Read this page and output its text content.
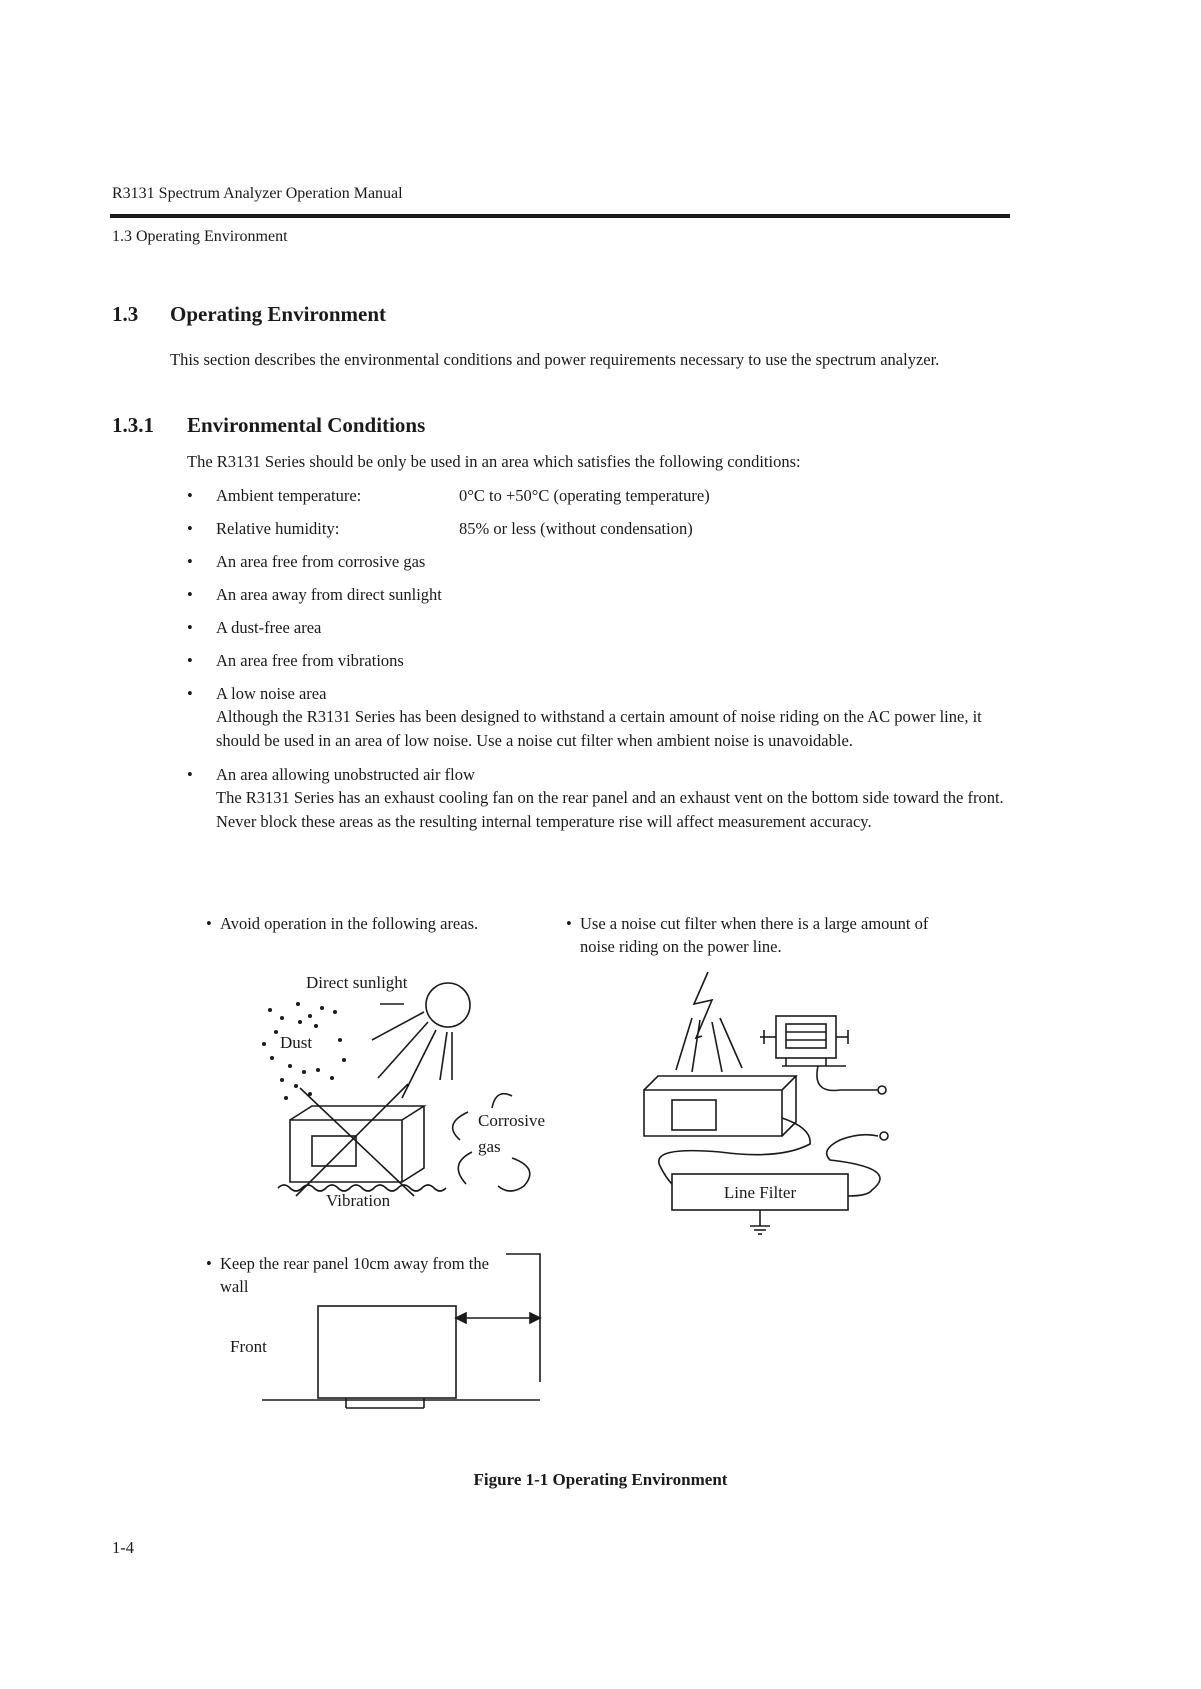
R3131 Spectrum Analyzer Operation Manual
1.3 Operating Environment
1.3 Operating Environment
This section describes the environmental conditions and power requirements necessary to use the spectrum analyzer.
1.3.1 Environmental Conditions
The R3131 Series should be only be used in an area which satisfies the following conditions:
• Ambient temperature:	0°C to +50°C (operating temperature)
• Relative humidity:	85% or less (without condensation)
• An area free from corrosive gas
• An area away from direct sunlight
• A dust-free area
• An area free from vibrations
• A low noise area
Although the R3131 Series has been designed to withstand a certain amount of noise riding on the AC power line, it should be used in an area of low noise. Use a noise cut filter when ambient noise is unavoidable.
• An area allowing unobstructed air flow
The R3131 Series has an exhaust cooling fan on the rear panel and an exhaust vent on the bottom side toward the front. Never block these areas as the resulting internal temperature rise will affect measurement accuracy.
• Avoid operation in the following areas.	• Use a noise cut filter when there is a large amount of noise riding on the power line.
• Keep the rear panel 10cm away from the wall
Direct sunlight
Dust
Corrosive
gas
Vibration	Line Filter
Front
Figure 1-1 Operating Environment
1-4
